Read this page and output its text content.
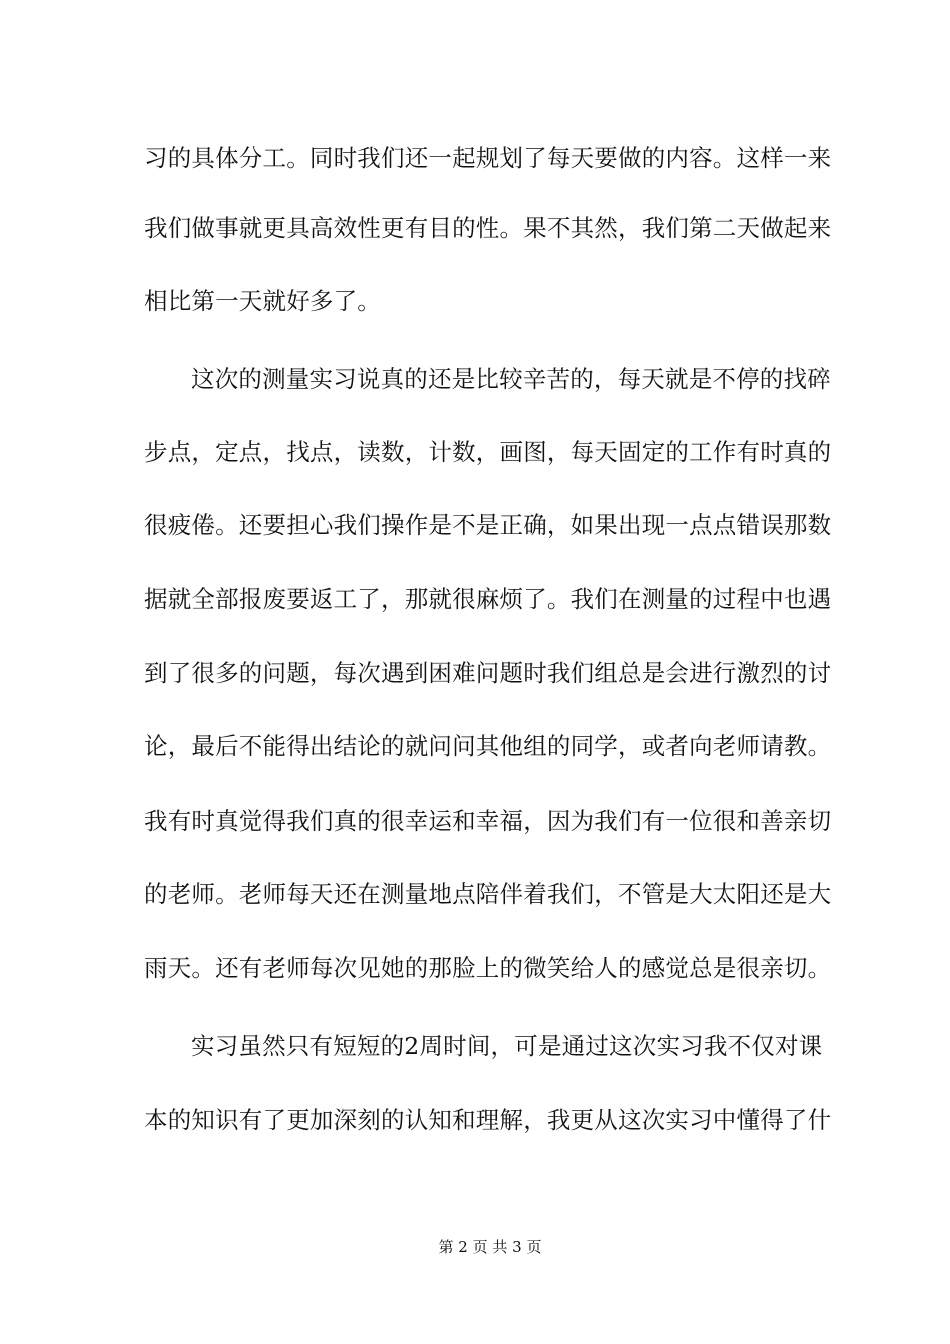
习的具体分工。同时我们还一起规划了每天要做的内容。这样一来
我们做事就更具高效性更有目的性。果不其然，我们第二天做起来
相比第一天就好多了。
这次的测量实习说真的还是比较辛苦的，每天就是不停的找碎
步点，定点，找点，读数，计数，画图，每天固定的工作有时真的
很疲倦。还要担心我们操作是不是正确，如果出现一点点错误那数
据就全部报废要返工了，那就很麻烦了。我们在测量的过程中也遇
到了很多的问题，每次遇到困难问题时我们组总是会进行激烈的讨
论，最后不能得出结论的就问问其他组的同学，或者向老师请教。
我有时真觉得我们真的很幸运和幸福，因为我们有一位很和善亲切
的老师。老师每天还在测量地点陪伴着我们，不管是大太阳还是大
雨天。还有老师每次见她的那脸上的微笑给人的感觉总是很亲切。
实习虽然只有短短的2周时间，可是通过这次实习我不仅对课
本的知识有了更加深刻的认知和理解，我更从这次实习中懂得了什
第 2 页 共 3 页
